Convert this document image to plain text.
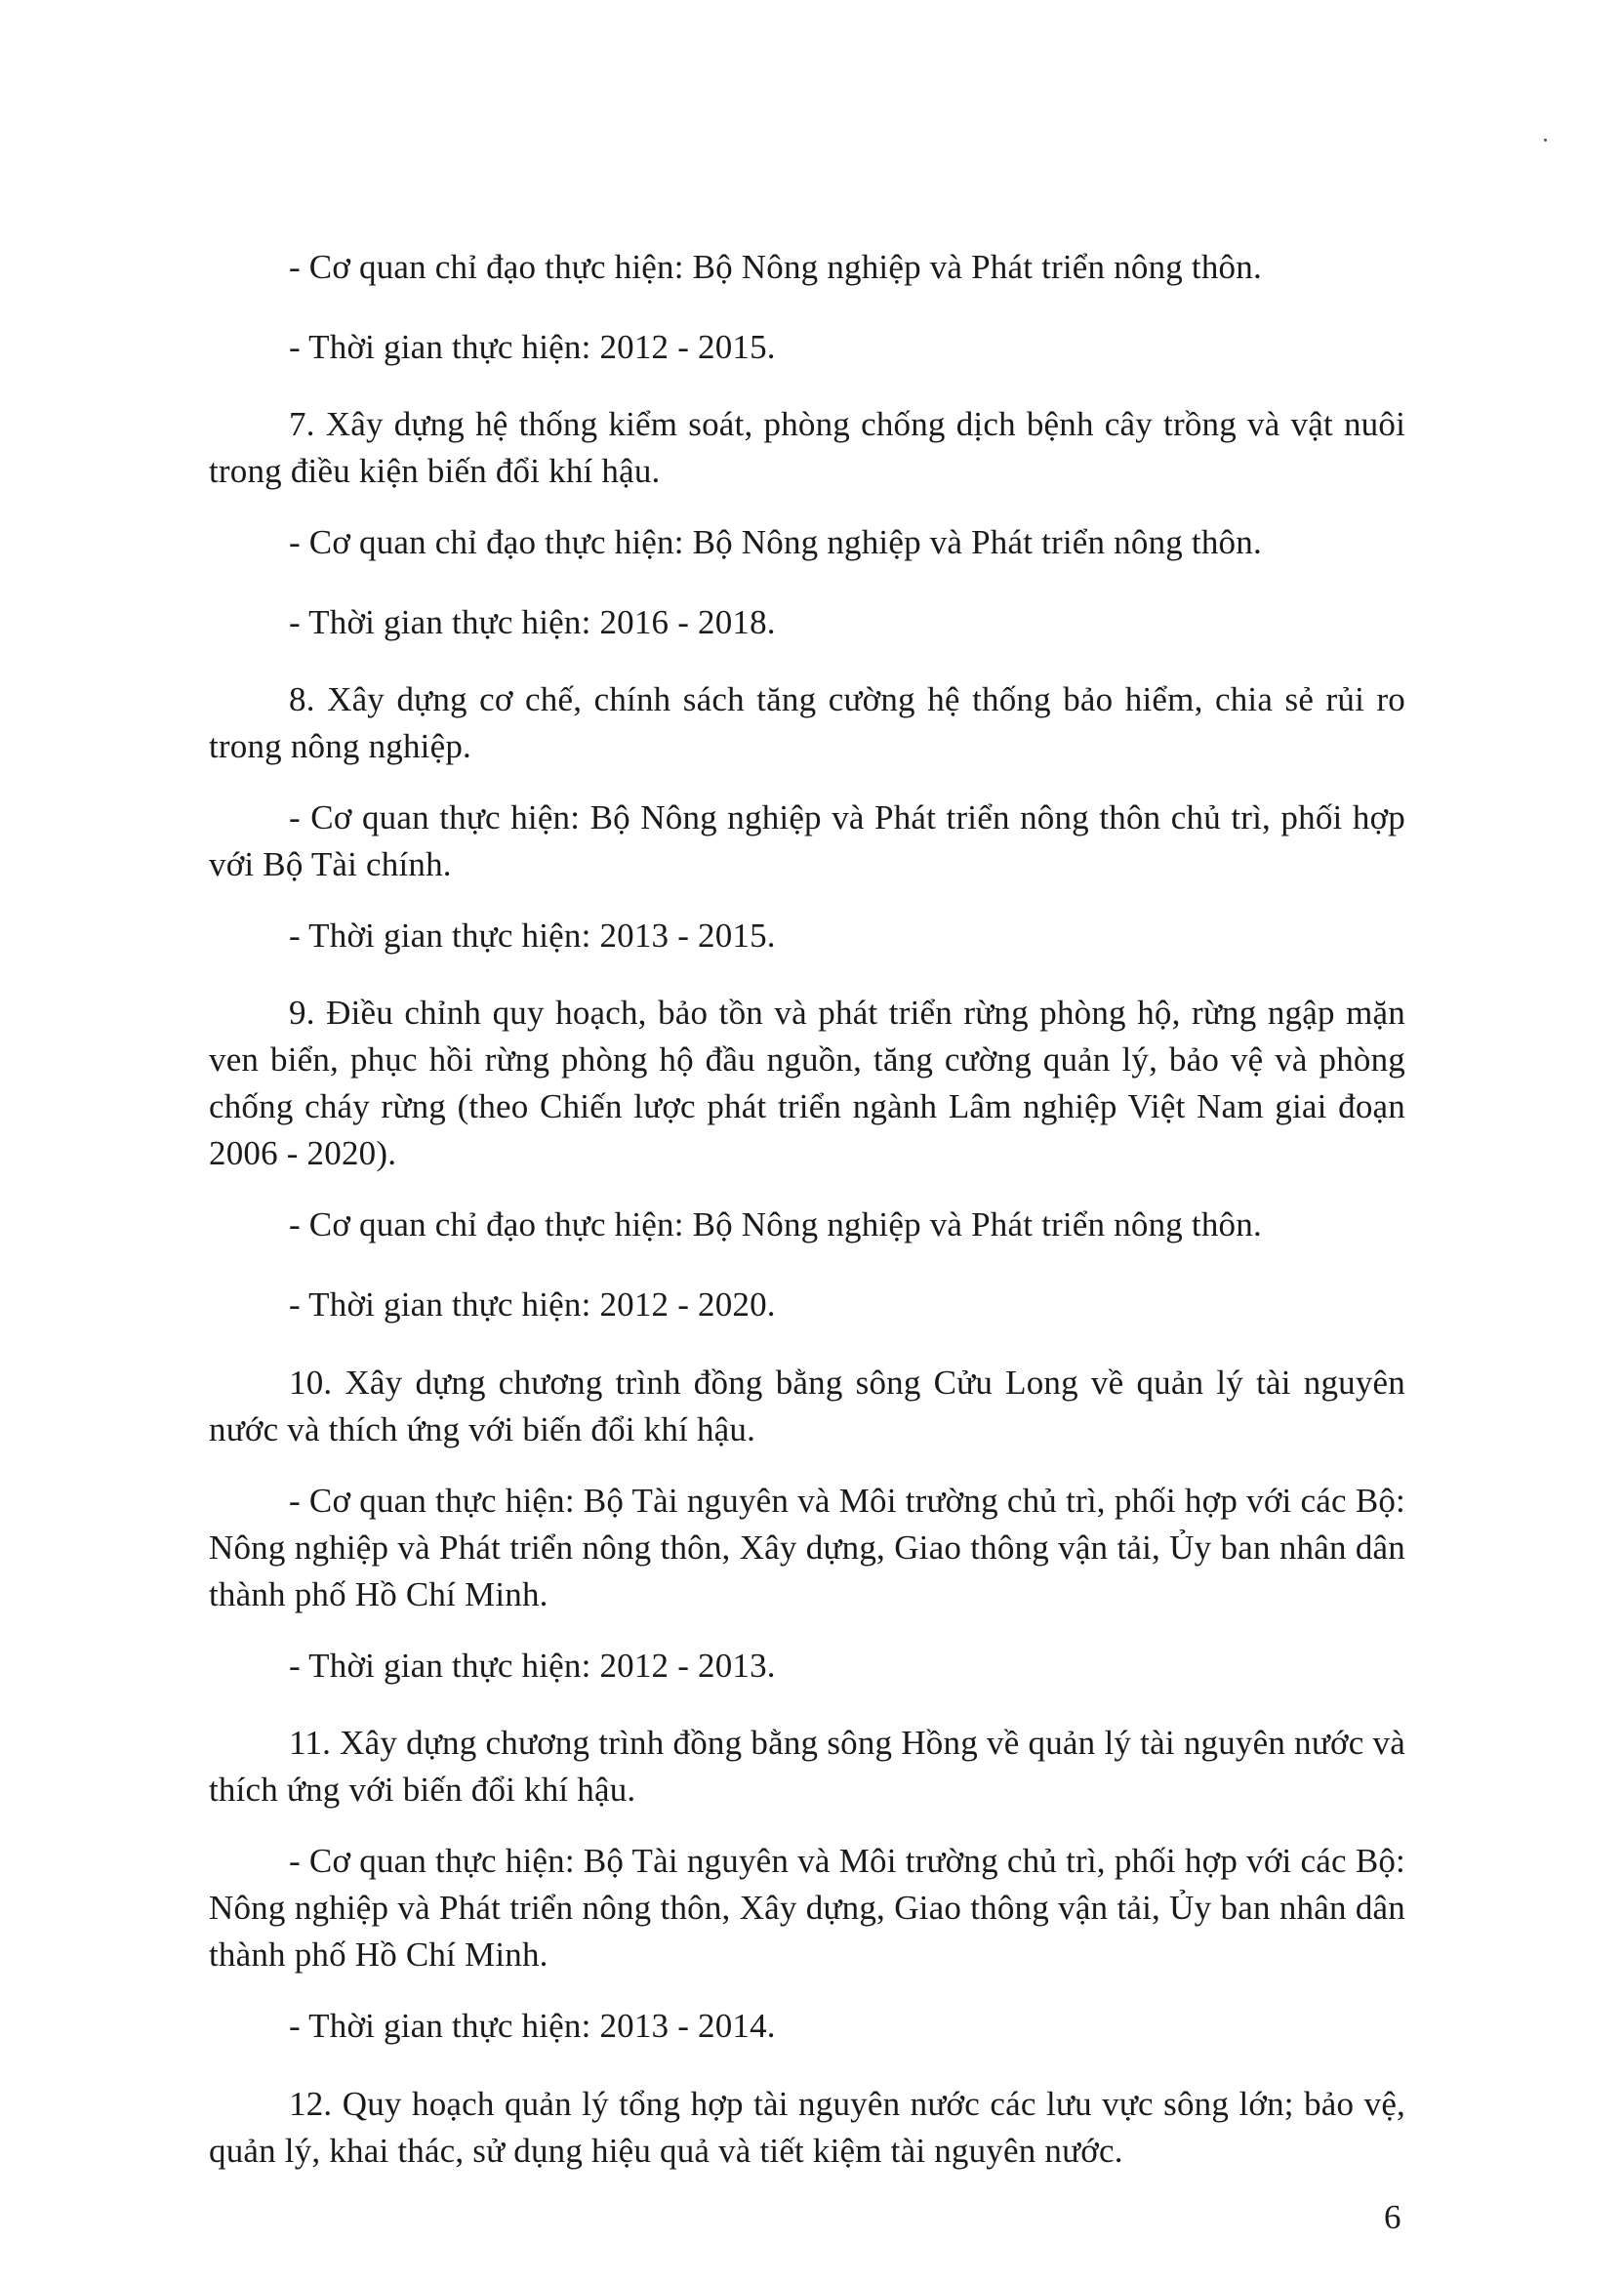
- Cơ quan chỉ đạo thực hiện: Bộ Nông nghiệp và Phát triển nông thôn.

- Thời gian thực hiện: 2012 - 2015.

7. Xây dựng hệ thống kiểm soát, phòng chống dịch bệnh cây trồng và vật nuôi trong điều kiện biến đổi khí hậu.

- Cơ quan chỉ đạo thực hiện: Bộ Nông nghiệp và Phát triển nông thôn.

- Thời gian thực hiện: 2016 - 2018.

8. Xây dựng cơ chế, chính sách tăng cường hệ thống bảo hiểm, chia sẻ rủi ro trong nông nghiệp.

- Cơ quan thực hiện: Bộ Nông nghiệp và Phát triển nông thôn chủ trì, phối hợp với Bộ Tài chính.

- Thời gian thực hiện: 2013 - 2015.

9. Điều chỉnh quy hoạch, bảo tồn và phát triển rừng phòng hộ, rừng ngập mặn ven biển, phục hồi rừng phòng hộ đầu nguồn, tăng cường quản lý, bảo vệ và phòng chống cháy rừng (theo Chiến lược phát triển ngành Lâm nghiệp Việt Nam giai đoạn 2006 - 2020).

- Cơ quan chỉ đạo thực hiện: Bộ Nông nghiệp và Phát triển nông thôn.

- Thời gian thực hiện: 2012 - 2020.

10. Xây dựng chương trình đồng bằng sông Cửu Long về quản lý tài nguyên nước và thích ứng với biến đổi khí hậu.

- Cơ quan thực hiện: Bộ Tài nguyên và Môi trường chủ trì, phối hợp với các Bộ: Nông nghiệp và Phát triển nông thôn, Xây dựng, Giao thông vận tải, Ủy ban nhân dân thành phố Hồ Chí Minh.

- Thời gian thực hiện: 2012 - 2013.

11. Xây dựng chương trình đồng bằng sông Hồng về quản lý tài nguyên nước và thích ứng với biến đổi khí hậu.

- Cơ quan thực hiện: Bộ Tài nguyên và Môi trường chủ trì, phối hợp với các Bộ: Nông nghiệp và Phát triển nông thôn, Xây dựng, Giao thông vận tải, Ủy ban nhân dân thành phố Hồ Chí Minh.

- Thời gian thực hiện: 2013 - 2014.

12. Quy hoạch quản lý tổng hợp tài nguyên nước các lưu vực sông lớn; bảo vệ, quản lý, khai thác, sử dụng hiệu quả và tiết kiệm tài nguyên nước.

6
